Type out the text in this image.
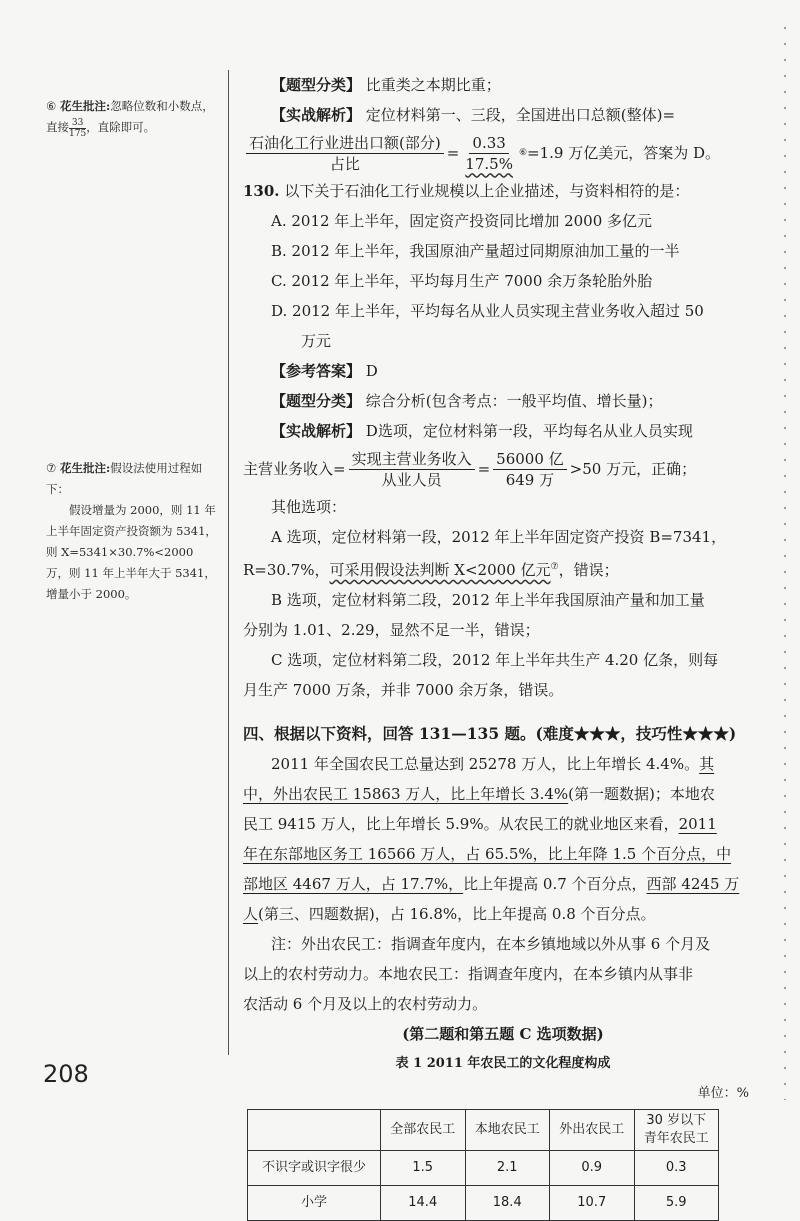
⑥ 花生批注:忽略位数和小数点，直接 $\frac{33}{175}$ ，直除即可。
⑦ 花生批注:假设法使用过程如下：

假设增量为 2000，则 11 年上半年固定资产投资额为 5341，则 X=5341×30.7%<2000 万，则 11 年上半年大于 5341，增量小于 2000。

【题型分类】 比重类之本期比重；
【实战解析】 定位材料第一、三段，全国进出口总额(整体)=
$\frac{\text{石油化工行业进出口额(部分)}}{\text{占比}} = \frac{0.33}{17.5\%}$ ⑥ =1.9 万亿美元，答案为 D。
130. 以下关于石油化工行业规模以上企业描述，与资料相符的是：
A. 2012 年上半年，固定资产投资同比增加 2000 多亿元
B. 2012 年上半年，我国原油产量超过同期原油加工量的一半
C. 2012 年上半年，平均每月生产 7000 余万条轮胎外胎
D. 2012 年上半年，平均每名从业人员实现主营业务收入超过 50
万元
【参考答案】 D
【题型分类】 综合分析(包含考点：一般平均值、增长量)；
【实战解析】 D选项，定位材料第一段，平均每名从业人员实现
主营业务收入= $\frac{\text{实现主营业务收入}}{\text{从业人员}} = \frac{\text{56000 亿}}{\text{649 万}} >50$ 万元，正确；
其他选项：
A 选项，定位材料第一段，2012 年上半年固定资产投资 B=7341，
R=30.7%，可采用假设法判断 X<2000 亿元⑦，错误；
B 选项，定位材料第二段，2012 年上半年我国原油产量和加工量
分别为 1.01、2.29，显然不足一半，错误；
C 选项，定位材料第二段，2012 年上半年共生产 4.20 亿条，则每
月生产 7000 万条，并非 7000 余万条，错误。
四、根据以下资料，回答 131—135 题。(难度★★★，技巧性★★★)
2011 年全国农民工总量达到 25278 万人，比上年增长 4.4%。其
中，外出农民工 15863 万人，比上年增长 3.4%(第一题数据)；本地农
民工 9415 万人，比上年增长 5.9%。从农民工的就业地区来看，2011
年在东部地区务工 16566 万人，占 65.5%，比上年降 1.5 个百分点，中
部地区 4467 万人，占 17.7%，比上年提高 0.7 个百分点，西部 4245 万
人(第三、四题数据)，占 16.8%，比上年提高 0.8 个百分点。
注：外出农民工：指调查年度内，在本乡镇地域以外从事 6 个月及
以上的农村劳动力。本地农民工：指调查年度内，在本乡镇内从事非
农活动 6 个月及以上的农村劳动力。
(第二题和第五题 C 选项数据)
表 1 2011 年农民工的文化程度构成
单位：%
	全部农民工	本地农民工	外出农民工	30 岁以下
青年农民工
不识字或识字很少	1.5	2.1	0.9	0.3
小学	14.4	18.4	10.7	5.9
208
